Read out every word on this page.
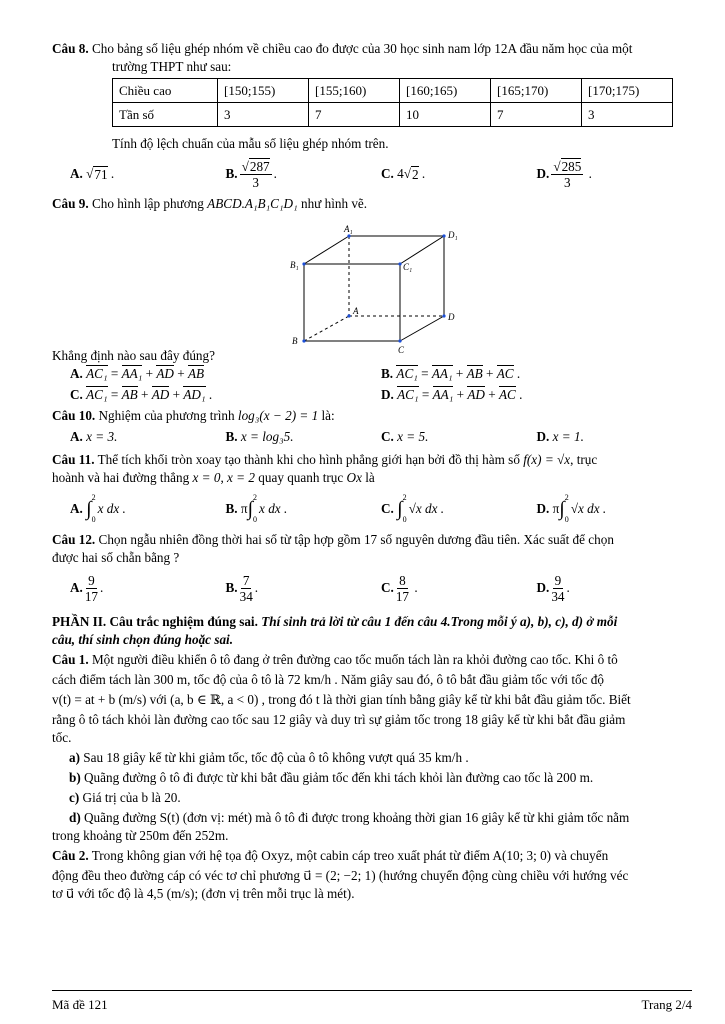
Câu 8. Cho bảng số liệu ghép nhóm về chiều cao đo được của 30 học sinh nam lớp 12A đầu năm học của một

trường THPT như sau:

Chiều cao	[150;155)	[155;160)	[160;165)	[165;170)	[170;175)
Tần số	3	7	10	7	3

Tính độ lệch chuẩn của mẫu số liệu ghép nhóm trên.

A. √ 71 .	B. $\frac{√287}{3}$ .	C.
4 √ 2 .	D. $\frac{√285}{3}$ .

Câu 9. Cho hình lập phương ABCD.A₁B₁C₁D₁ như hình vẽ.

Khẳng định nào sau đây đúng?

A.
AC₁ = AA₁ + AD + AB	B.
AC₁ = AA₁ + AB + AC .
C.
AC₁ = AB + AD + AD₁ .	D.
AC₁ = AA₁ + AD + AC .

Câu 10. Nghiệm của phương trình log₃(x − 2) = 1 là:

A.
x = 3.	B.
x = log₃5.	C.
x = 5.	D.
x = 1.

Câu 11. Thể tích khối tròn xoay tạo thành khi cho hình phẳng giới hạn bởi đồ thị hàm số f(x) = √x, trục

hoành và hai đường thẳng x = 0, x = 2 quay quanh trục Ox là

A.
∫
2
0
x dx .	B.
π ∫
2
0
x dx .	C.
∫
2
0
√x dx .	D.
π ∫
2
0
√x dx .

Câu 12. Chọn ngẫu nhiên đồng thời hai số từ tập hợp gồm 17 số nguyên dương đầu tiên. Xác suất để chọn

được hai số chẵn bằng ?

A. $\frac{9}{17}$ .	B. $\frac{7}{34}$ .	C. $\frac{8}{17}$ .	D. $\frac{9}{34}$ .

PHẦN II. Câu trắc nghiệm đúng sai. Thí sinh trả lời từ câu 1 đến câu 4.Trong mỗi ý a), b), c), d) ở mỗi

câu, thí sinh chọn đúng hoặc sai.

Câu 1. Một người điều khiển ô tô đang ở trên đường cao tốc muốn tách làn ra khỏi đường cao tốc. Khi ô tô

cách điểm tách làn 300 m, tốc độ của ô tô là 72 km/h . Năm giây sau đó, ô tô bắt đầu giảm tốc với tốc độ

v(t) = at + b (m/s) với (a, b ∈ ℝ, a < 0) , trong đó t là thời gian tính bằng giây kể từ khi bắt đầu giảm tốc. Biết

rằng ô tô tách khỏi làn đường cao tốc sau 12 giây và duy trì sự giảm tốc trong 18 giây kể từ khi bắt đầu giảm

tốc.

a) Sau 18 giây kể từ khi giảm tốc, tốc độ của ô tô không vượt quá 35 km/h .

b) Quãng đường ô tô đi được từ khi bắt đầu giảm tốc đến khi tách khỏi làn đường cao tốc là 200 m.

c) Giá trị của b là 20.

d) Quãng đường S(t) (đơn vị: mét) mà ô tô đi được trong khoảng thời gian 16 giây kể từ khi giảm tốc nằm

trong khoảng từ 250m đến 252m.

Câu 2. Trong không gian với hệ tọa độ Oxyz, một cabin cáp treo xuất phát từ điểm A(10; 3; 0) và chuyển

động đều theo đường cáp có véc tơ chỉ phương u⃗ = (2; −2; 1) (hướng chuyển động cùng chiều với hướng véc

tơ u⃗ với tốc độ là 4,5 (m/s); (đơn vị trên mỗi trục là mét).

A₁
D₁
B₁	C₁
A
D
B
C
Mã đề 121	Trang 2/4
